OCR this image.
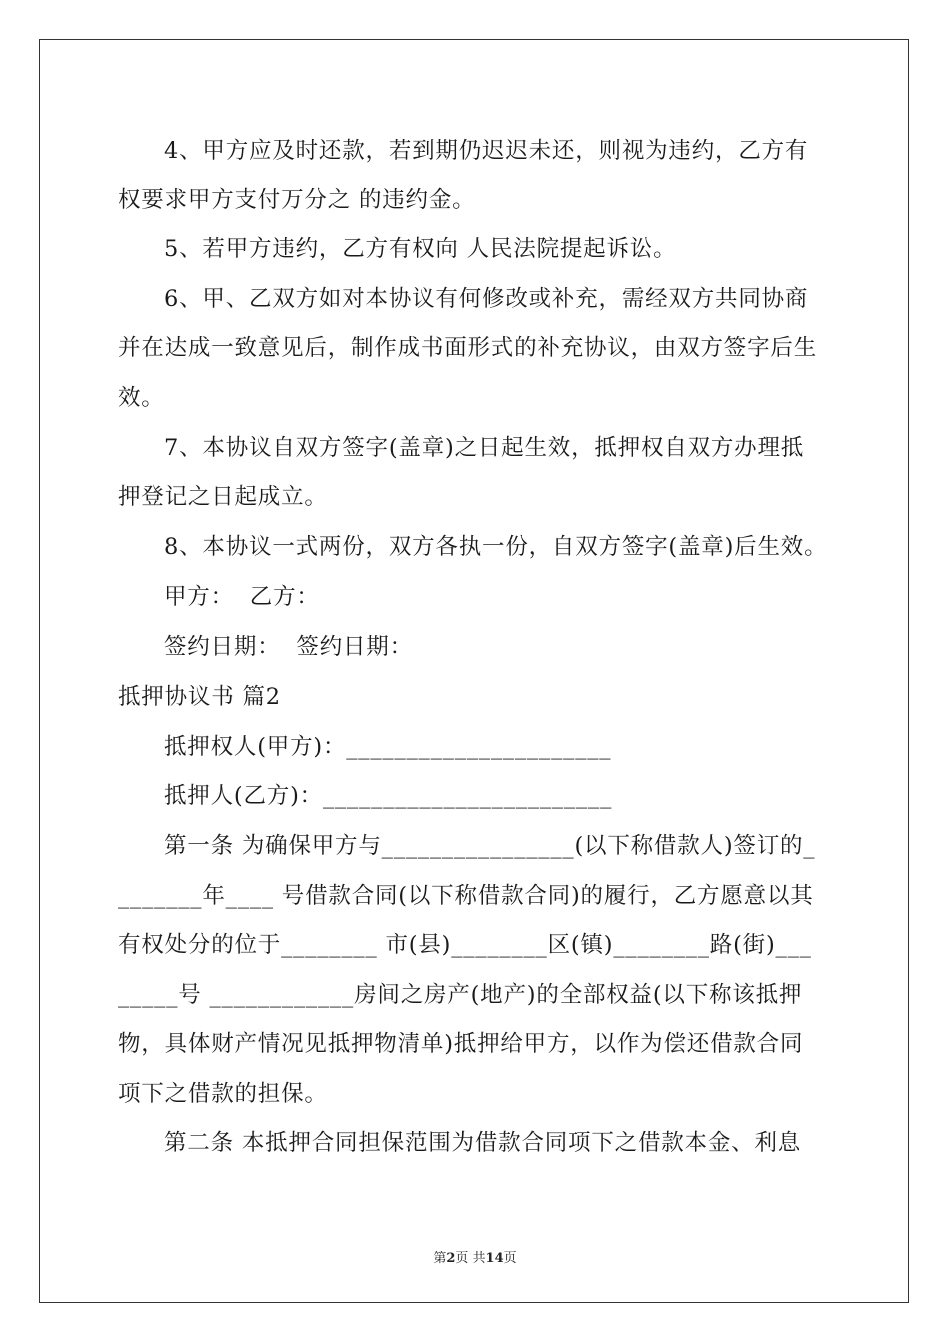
4、甲方应及时还款，若到期仍迟迟未还，则视为违约，乙方有
权要求甲方支付万分之 的违约金。
5、若甲方违约，乙方有权向 人民法院提起诉讼。
6、甲、乙双方如对本协议有何修改或补充，需经双方共同协商
并在达成一致意见后，制作成书面形式的补充协议，由双方签字后生
效。
7、本协议自双方签字(盖章)之日起生效，抵押权自双方办理抵
押登记之日起成立。
8、本协议一式两份，双方各执一份，自双方签字(盖章)后生效。
甲方：  乙方：
签约日期：  签约日期：
抵押协议书 篇2
抵押权人(甲方)：______________________
抵押人(乙方)：________________________
第一条 为确保甲方与________________(以下称借款人)签订的_
_______年____ 号借款合同(以下称借款合同)的履行，乙方愿意以其
有权处分的位于________ 市(县)________区(镇)________路(街)___
_____号 ____________房间之房产(地产)的全部权益(以下称该抵押
物，具体财产情况见抵押物清单)抵押给甲方，以作为偿还借款合同
项下之借款的担保。
第二条 本抵押合同担保范围为借款合同项下之借款本金、利息
第2页 共14页
